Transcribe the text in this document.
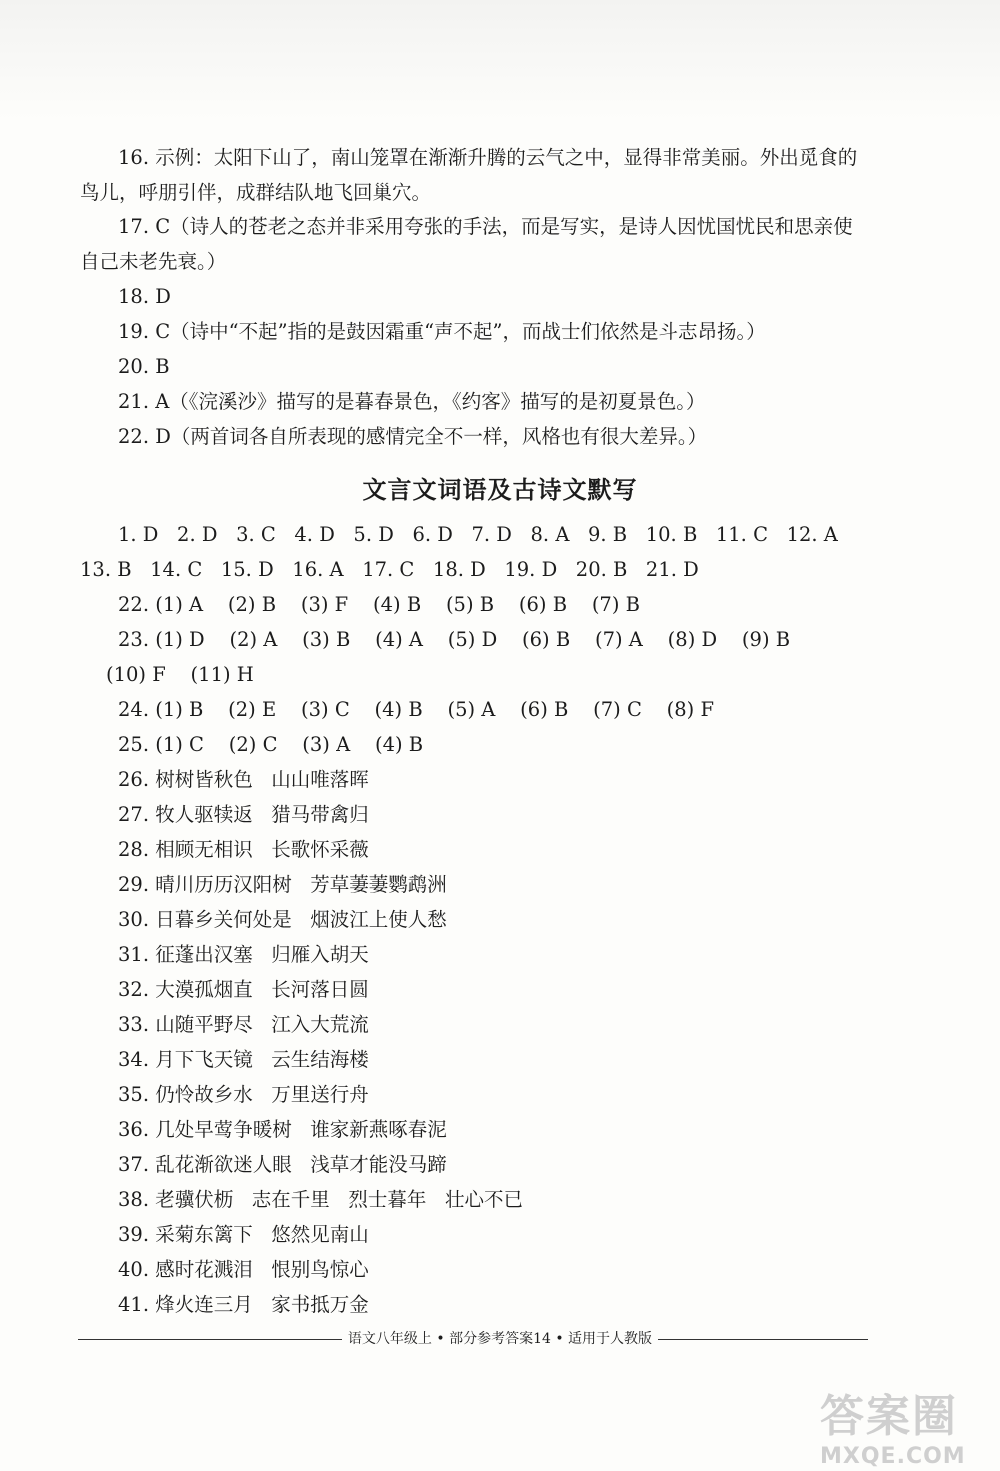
16. 示例：太阳下山了，南山笼罩在渐渐升腾的云气之中，显得非常美丽。外出觅食的
鸟儿，呼朋引伴，成群结队地飞回巢穴。
17. C（诗人的苍老之态并非采用夸张的手法，而是写实，是诗人因忧国忧民和思亲使
自己未老先衰。）
18. D
19. C（诗中“不起”指的是鼓因霜重“声不起”，而战士们依然是斗志昂扬。）
20. B
21. A（《浣溪沙》描写的是暮春景色，《约客》描写的是初夏景色。）
22. D（两首词各自所表现的感情完全不一样，风格也有很大差异。）
文言文词语及古诗文默写
1. D   2. D   3. C   4. D   5. D   6. D   7. D   8. A   9. B   10. B   11. C   12. A
13. B   14. C   15. D   16. A   17. C   18. D   19. D   20. B   21. D
22. (1) A    (2) B    (3) F    (4) B    (5) B    (6) B    (7) B
23. (1) D    (2) A    (3) B    (4) A    (5) D    (6) B    (7) A    (8) D    (9) B
(10) F    (11) H
24. (1) B    (2) E    (3) C    (4) B    (5) A    (6) B    (7) C    (8) F
25. (1) C    (2) C    (3) A    (4) B
26. 树树皆秋色   山山唯落晖
27. 牧人驱犊返   猎马带禽归
28. 相顾无相识   长歌怀采薇
29. 晴川历历汉阳树   芳草萋萋鹦鹉洲
30. 日暮乡关何处是   烟波江上使人愁
31. 征蓬出汉塞   归雁入胡天
32. 大漠孤烟直   长河落日圆
33. 山随平野尽   江入大荒流
34. 月下飞天镜   云生结海楼
35. 仍怜故乡水   万里送行舟
36. 几处早莺争暖树   谁家新燕啄春泥
37. 乱花渐欲迷人眼   浅草才能没马蹄
38. 老骥伏枥   志在千里   烈士暮年   壮心不已
39. 采菊东篱下   悠然见南山
40. 感时花溅泪   恨别鸟惊心
41. 烽火连三月   家书抵万金
语文八年级上 • 部分参考答案14 • 适用于人教版
答案圈
MXQE.COM
